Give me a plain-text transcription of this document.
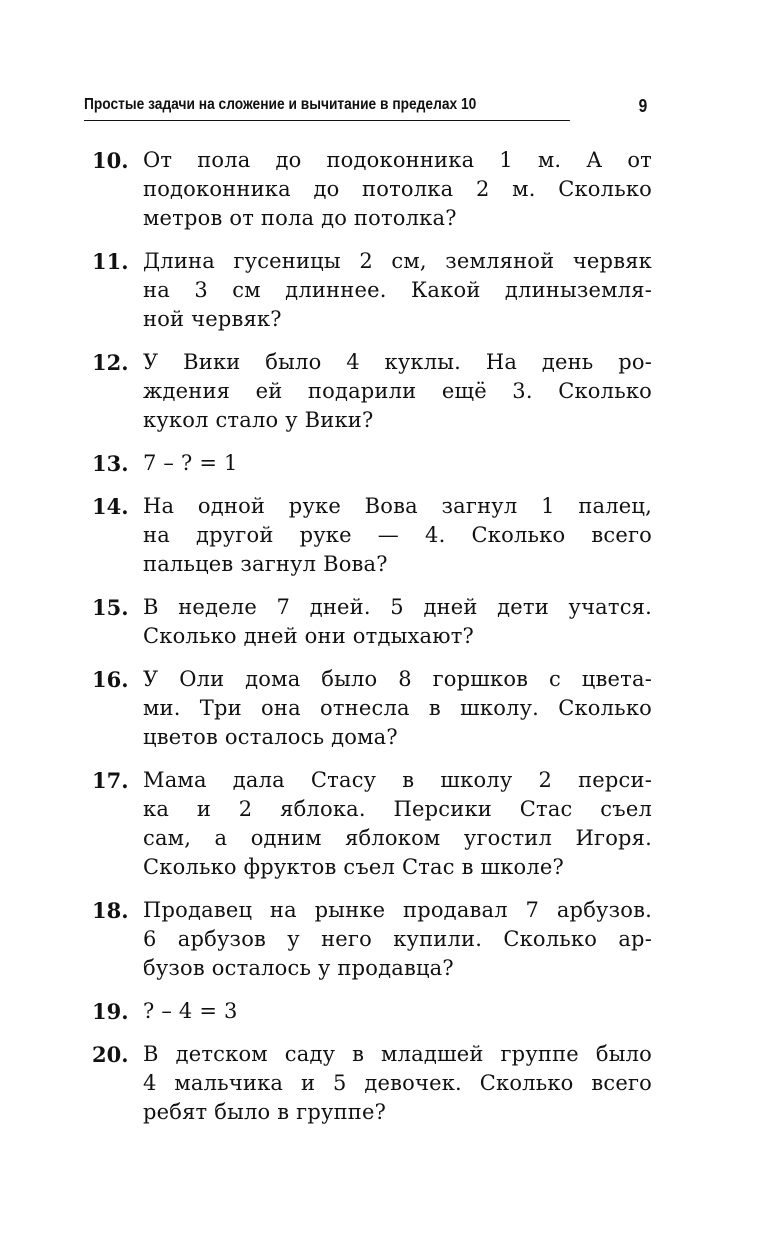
Простые задачи на сложение и вычитание в пределах 10	9
10. От пола до подоконника 1 м. А от
подоконника до потолка 2 м. Сколько
метров от пола до потолка?
11. Длина гусеницы 2 см, земляной червяк
на 3 см длиннее. Какой длиныземля-
ной червяк?
12. У Вики было 4 куклы. На день ро-
ждения ей подарили ещё 3. Сколько
кукол стало у Вики?
13. 7 – ? = 1
14. На одной руке Вова загнул 1 палец,
на другой руке — 4. Сколько всего
пальцев загнул Вова?
15. В неделе 7 дней. 5 дней дети учатся.
Сколько дней они отдыхают?
16. У Оли дома было 8 горшков с цвета-
ми. Три она отнесла в школу. Сколько
цветов осталось дома?
17. Мама дала Стасу в школу 2 перси-
ка и 2 яблока. Персики Стас съел
сам, а одним яблоком угостил Игоря.
Сколько фруктов съел Стас в школе?
18. Продавец на рынке продавал 7 арбузов.
6 арбузов у него купили. Сколько ар-
бузов осталось у продавца?
19. ? – 4 = 3
20. В детском саду в младшей группе было
4 мальчика и 5 девочек. Сколько всего
ребят было в группе?
